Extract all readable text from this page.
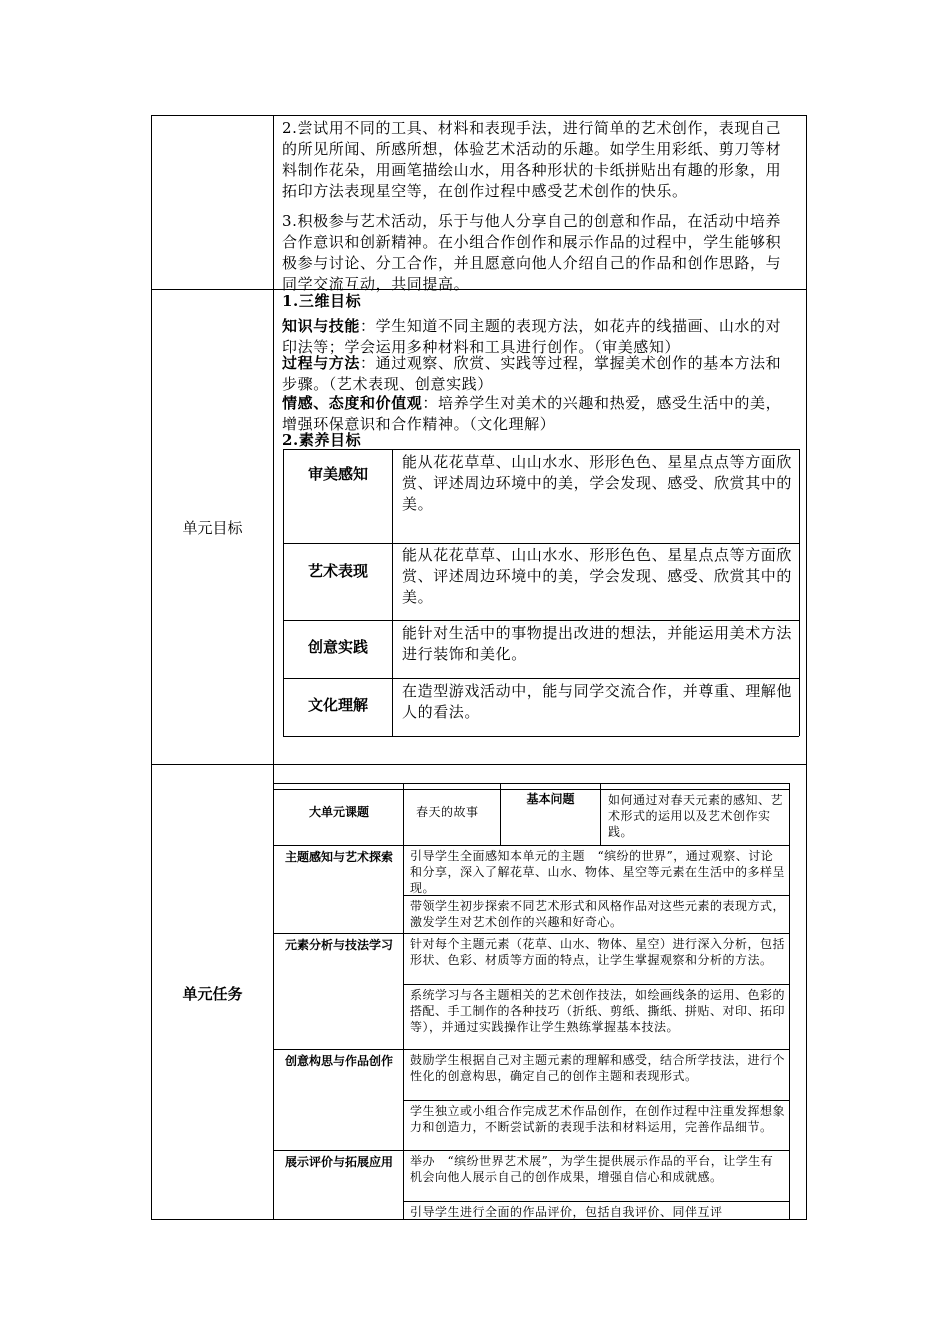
2.尝试用不同的工具、材料和表现手法，进行简单的艺术创作，表现自己的所见所闻、所感所想，体验艺术活动的乐趣。如学生用彩纸、剪刀等材料制作花朵，用画笔描绘山水，用各种形状的卡纸拼贴出有趣的形象，用拓印方法表现星空等，在创作过程中感受艺术创作的快乐。
3.积极参与艺术活动，乐于与他人分享自己的创意和作品，在活动中培养合作意识和创新精神。在小组合作创作和展示作品的过程中，学生能够积极参与讨论、分工合作，并且愿意向他人介绍自己的作品和创作思路，与同学交流互动，共同提高。
单元目标
1.三维目标
知识与技能：学生知道不同主题的表现方法，如花卉的线描画、山水的对印法等；学会运用多种材料和工具进行创作。（审美感知）
过程与方法：通过观察、欣赏、实践等过程，掌握美术创作的基本方法和步骤。（艺术表现、创意实践）
情感、态度和价值观：培养学生对美术的兴趣和热爱，感受生活中的美，增强环保意识和合作精神。（文化理解）
2.素养目标
审美感知
能从花花草草、山山水水、形形色色、星星点点等方面欣赏、评述周边环境中的美，学会发现、感受、欣赏其中的美。
艺术表现
能从花花草草、山山水水、形形色色、星星点点等方面欣赏、评述周边环境中的美，学会发现、感受、欣赏其中的美。
创意实践
能针对生活中的事物提出改进的想法，并能运用美术方法进行装饰和美化。
文化理解
在造型游戏活动中，能与同学交流合作，并尊重、理解他人的看法。
单元任务
大单元课题	春天的故事
基本问题	如何通过对春天元素的感知、艺术形式的运用以及艺术创作实践。
主题感知与艺术探索 引导学生全面感知本单元的主题　“缤纷的世界”，通过观察、讨论和分享，深入了解花草、山水、物体、星空等元素在生活中的多样呈现。
带领学生初步探索不同艺术形式和风格作品对这些元素的表现方式，激发学生对艺术创作的兴趣和好奇心。
元素分析与技法学习 针对每个主题元素（花草、山水、物体、星空）进行深入分析，包括形状、色彩、材质等方面的特点，让学生掌握观察和分析的方法。
系统学习与各主题相关的艺术创作技法，如绘画线条的运用、色彩的搭配、手工制作的各种技巧（折纸、剪纸、撕纸、拼贴、对印、拓印等），并通过实践操作让学生熟练掌握基本技法。
创意构思与作品创作 鼓励学生根据自己对主题元素的理解和感受，结合所学技法，进行个性化的创意构思，确定自己的创作主题和表现形式。
学生独立或小组合作完成艺术作品创作，在创作过程中注重发挥想象力和创造力，不断尝试新的表现手法和材料运用，完善作品细节。
展示评价与拓展应用 举办　“缤纷世界艺术展”，为学生提供展示作品的平台，让学生有机会向他人展示自己的创作成果，增强自信心和成就感。
引导学生进行全面的作品评价，包括自我评价、同伴互评
